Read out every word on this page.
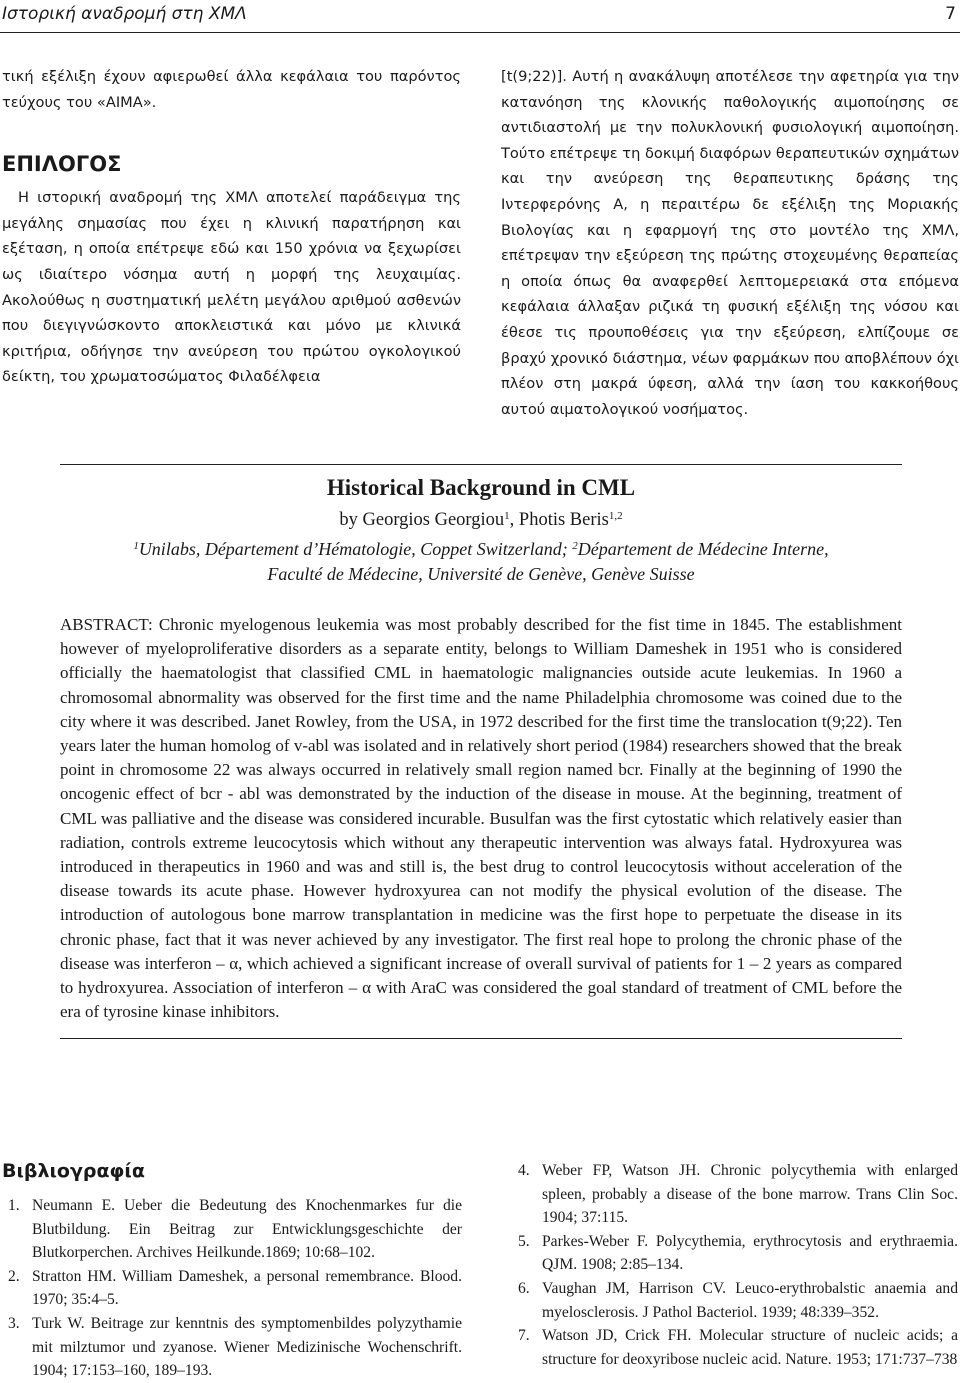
Ιστορική αναδρομή στη ΧΜΛ	7

τική εξέλιξη έχουν αφιερωθεί άλλα κεφάλαια του παρόντος τεύχους του «ΑΙΜΑ».

ΕΠΙΛΟΓΟΣ

Η ιστορική αναδρομή της ΧΜΛ αποτελεί παράδειγμα της μεγάλης σημασίας που έχει η κλινική παρατήρηση και εξέταση, η οποία επέτρεψε εδώ και 150 χρόνια να ξεχωρίσει ως ιδιαίτερο νόσημα αυτή η μορφή της λευχαιμίας. Ακολούθως η συστηματική μελέτη μεγάλου αριθμού ασθενών που διεγιγνώσκοντο αποκλειστικά και μόνο με κλινικά κριτήρια, οδήγησε την ανεύρεση του πρώτου ογκολογικού δείκτη, του χρωματοσώματος Φιλαδέλφεια

[t(9;22)]. Αυτή η ανακάλυψη αποτέλεσε την αφετηρία για την κατανόηση της κλονικής παθολογικής αιμοποίησης σε αντιδιαστολή με την πολυκλονική φυσιολογική αιμοποίηση. Τούτο επέτρεψε τη δοκιμή διαφόρων θεραπευτικών σχημάτων και την ανεύρεση της θεραπευτικης δράσης της Ιντερφερόνης Α, η περαιτέρω δε εξέλιξη της Μοριακής Βιολογίας και η εφαρμογή της στο μοντέλο της ΧΜΛ, επέτρεψαν την εξεύρεση της πρώτης στοχευμένης θεραπείας η οποία όπως θα αναφερθεί λεπτομερειακά στα επόμενα κεφάλαια άλλαξαν ριζικά τη φυσική εξέλιξη της νόσου και έθεσε τις προυποθέσεις για την εξεύρεση, ελπίζουμε σε βραχύ χρονικό διάστημα, νέων φαρμάκων που αποβλέπουν όχι πλέον στη μακρά ύφεση, αλλά την ίαση του κακκοήθους αυτού αιματολογικού νοσήματος.

Historical Background in CML
by Georgios Georgiou$^1$, Photis Beris$^{1,2}$
$^1$Unilabs, Département d’Hématologie, Coppet Switzerland; $^2$Département de Médecine Interne,
Faculté de Médecine, Université de Genève, Genève Suisse
ABSTRACT: Chronic myelogenous leukemia was most probably described for the fist time in 1845. The establishment however of myeloproliferative disorders as a separate entity, belongs to William Dameshek in 1951 who is considered officially the haematologist that classified CML in haematologic malignancies outside acute leukemias. In 1960 a chromosomal abnormality was observed for the first time and the name Philadelphia chromosome was coined due to the city where it was described. Janet Rowley, from the USA, in 1972 described for the first time the translocation t(9;22). Ten years later the human homolog of v-abl was isolated and in relatively short period (1984) researchers showed that the break point in chromosome 22 was always occurred in relatively small region named bcr. Finally at the beginning of 1990 the oncogenic effect of bcr - abl was demonstrated by the induction of the disease in mouse. At the beginning, treatment of CML was palliative and the disease was considered incurable. Busulfan was the first cytostatic which relatively easier than radiation, controls extreme leucocytosis which without any therapeutic intervention was always fatal. Hydroxyurea was introduced in therapeutics in 1960 and was and still is, the best drug to control leucocytosis without acceleration of the disease towards its acute phase. However hydroxyurea can not modify the physical evolution of the disease. The introduction of autologous bone marrow transplantation in medicine was the first hope to perpetuate the disease in its chronic phase, fact that it was never achieved by any investigator. The first real hope to prolong the chronic phase of the disease was interferon – α, which achieved a significant increase of overall survival of patients for 1 – 2 years as compared to hydroxyurea. Association of interferon – α with AraC was considered the goal standard of treatment of CML before the era of tyrosine kinase inhibitors.
Βιβλιογραφία
1. Neumann E. Ueber die Bedeutung des Knochenmarkes fur die Blutbildung. Ein Beitrag zur Entwicklungsgeschichte der Blutkorperchen. Archives Heilkunde.1869; 10:68–102.
2. Stratton HM. William Dameshek, a personal remembrance. Blood. 1970; 35:4–5.
3. Turk W. Beitrage zur kenntnis des symptomenbildes polyzythamie mit milztumor und zyanose. Wiener Medizinische Wochenschrift. 1904; 17:153–160, 189–193.
4. Weber FP, Watson JH. Chronic polycythemia with enlarged spleen, probably a disease of the bone marrow. Trans Clin Soc. 1904; 37:115.
5. Parkes-Weber F. Polycythemia, erythrocytosis and erythraemia. QJM. 1908; 2:85–134.
6. Vaughan JM, Harrison CV. Leuco-erythrobalstic anaemia and myelosclerosis. J Pathol Bacteriol. 1939; 48:339–352.
7. Watson JD, Crick FH. Molecular structure of nucleic acids; a structure for deoxyribose nucleic acid. Nature. 1953; 171:737–738
